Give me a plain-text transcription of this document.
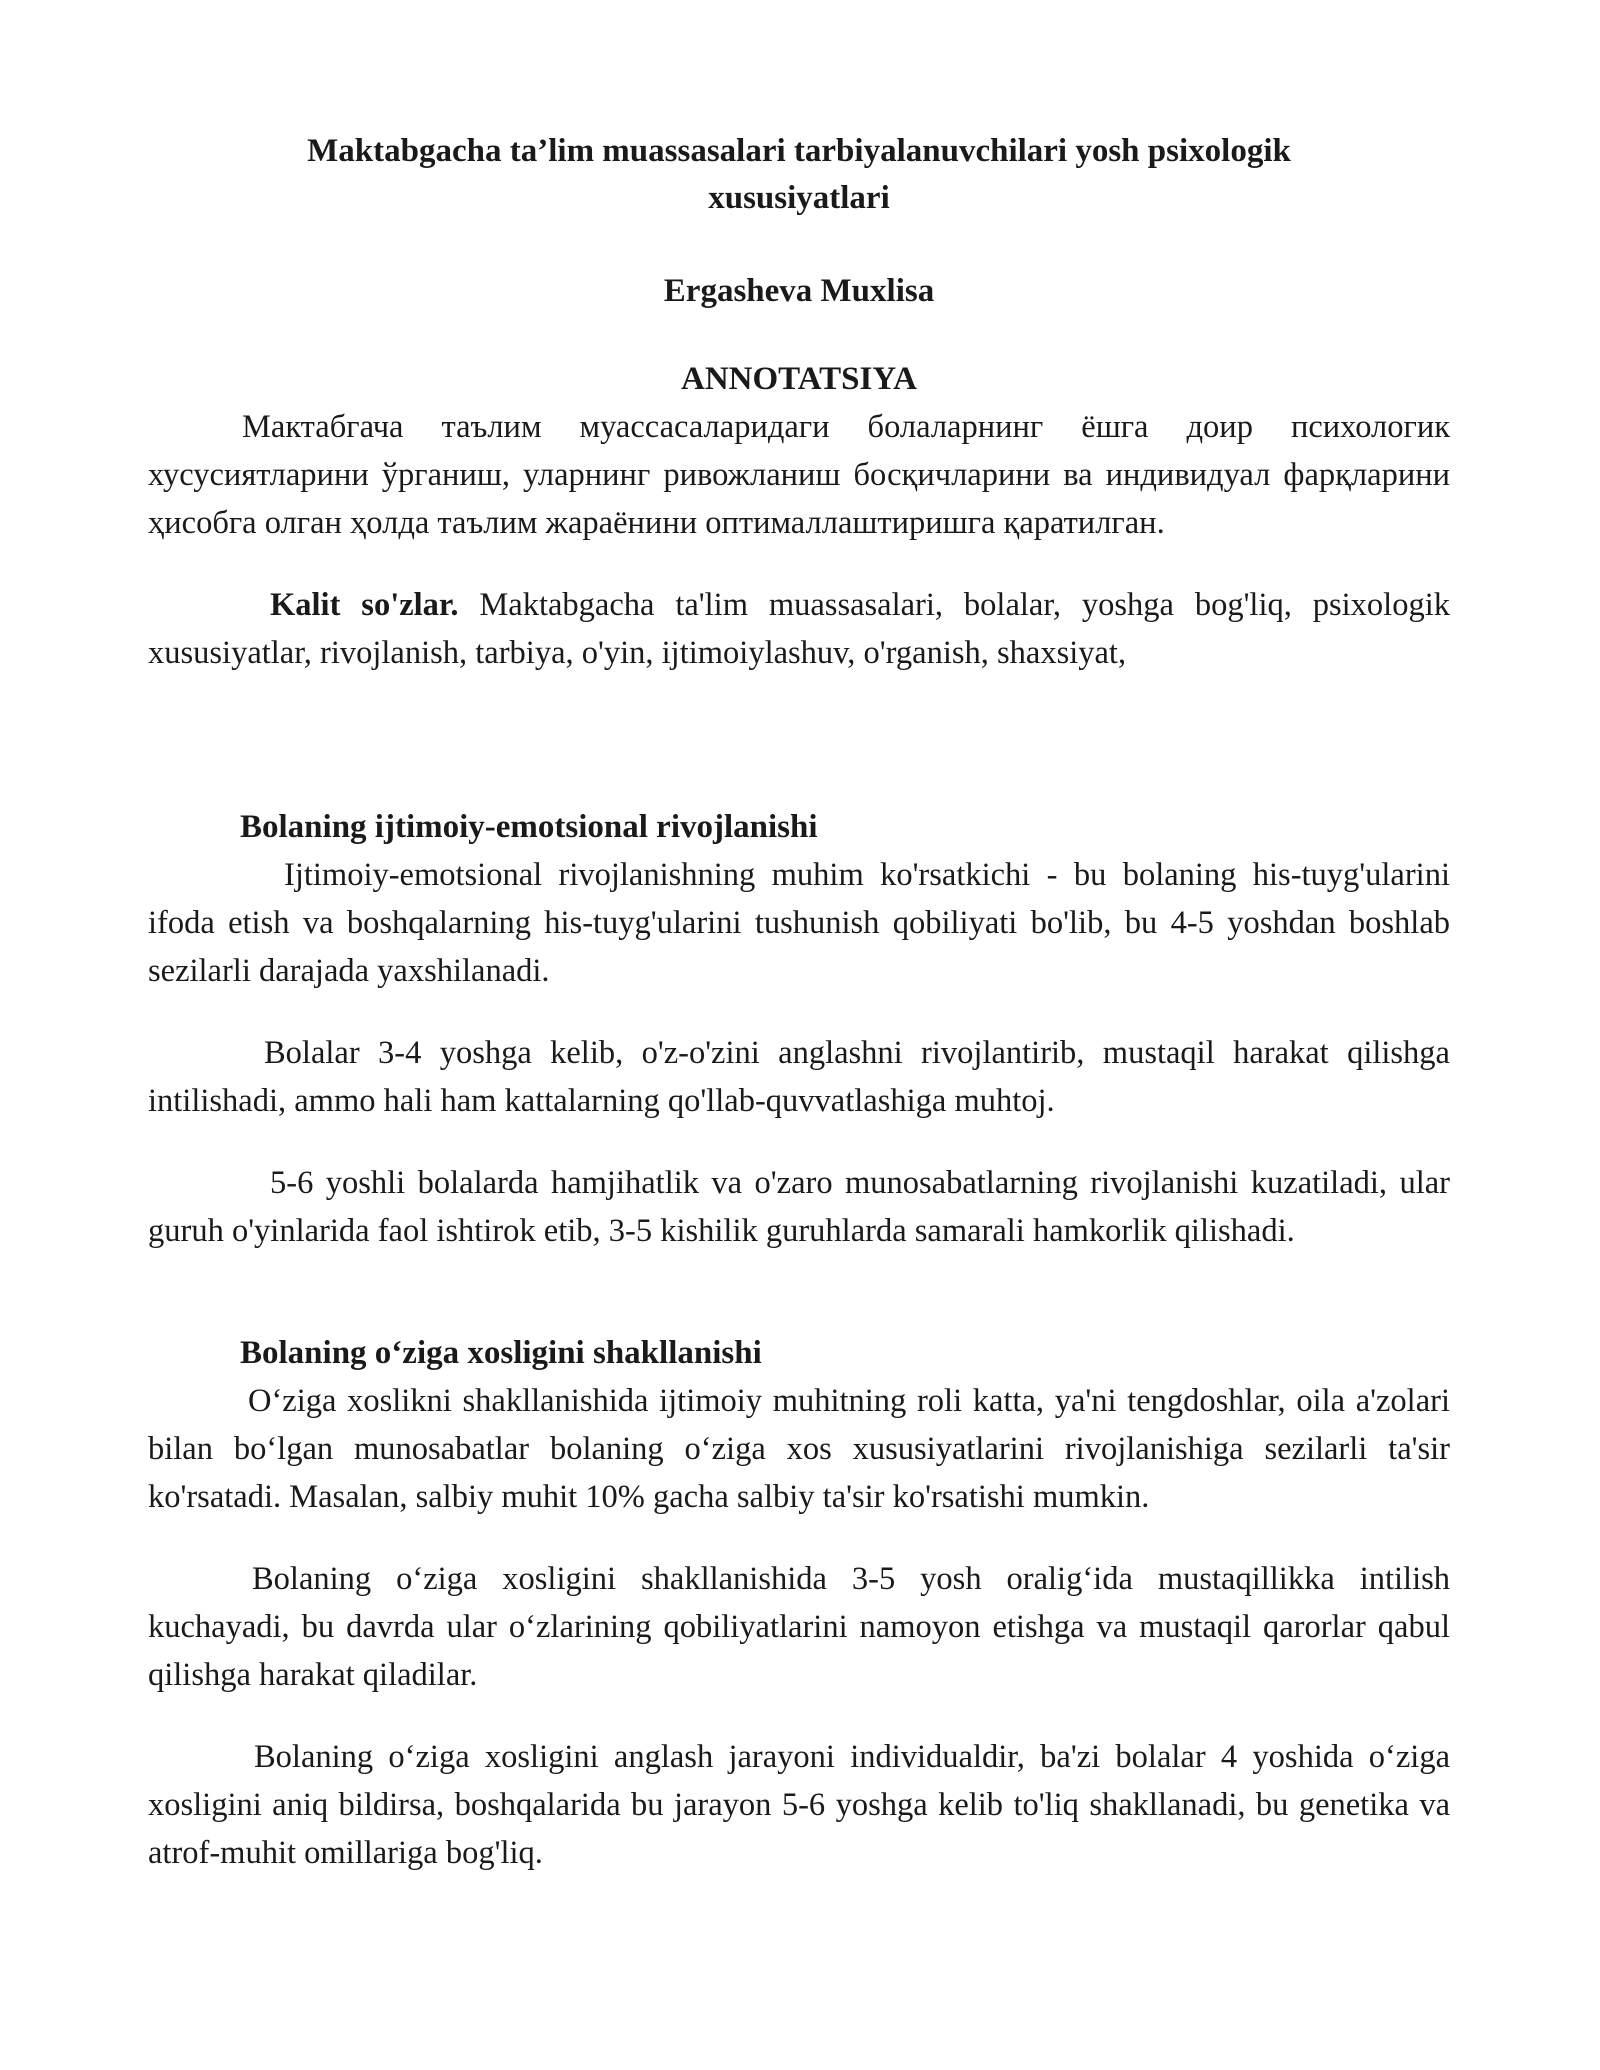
Maktabgacha ta’lim muassasalari tarbiyalanuvchilari yosh psixologik xususiyatlari
Ergasheva Muxlisa
ANNOTATSIYA

Мактабгача таълим муассасаларидаги болаларнинг ёшга доир психологик хусусиятларини ўрганиш, уларнинг ривожланиш босқичларини ва индивидуал фарқларини ҳисобга олган ҳолда таълим жараёнини оптималлаштиришга қаратилган.

Kalit so'zlar. Maktabgacha ta'lim muassasalari, bolalar, yoshga bog'liq, psixologik xususiyatlar, rivojlanish, tarbiya, o'yin, ijtimoiylashuv, o'rganish, shaxsiyat,

Bolaning ijtimoiy-emotsional rivojlanishi

Ijtimoiy-emotsional rivojlanishning muhim ko'rsatkichi - bu bolaning his-tuyg'ularini ifoda etish va boshqalarning his-tuyg'ularini tushunish qobiliyati bo'lib, bu 4-5 yoshdan boshlab sezilarli darajada yaxshilanadi.

Bolalar 3-4 yoshga kelib, o'z-o'zini anglashni rivojlantirib, mustaqil harakat qilishga intilishadi, ammo hali ham kattalarning qo'llab-quvvatlashiga muhtoj.

5-6 yoshli bolalarda hamjihatlik va o'zaro munosabatlarning rivojlanishi kuzatiladi, ular guruh o'yinlarida faol ishtirok etib, 3-5 kishilik guruhlarda samarali hamkorlik qilishadi.

Bolaning o‘ziga xosligini shakllanishi

O‘ziga xoslikni shakllanishida ijtimoiy muhitning roli katta, ya'ni tengdoshlar, oila a'zolari bilan bo‘lgan munosabatlar bolaning o‘ziga xos xususiyatlarini rivojlanishiga sezilarli ta'sir ko'rsatadi. Masalan, salbiy muhit 10% gacha salbiy ta'sir ko'rsatishi mumkin.

Bolaning o‘ziga xosligini shakllanishida 3-5 yosh oralig‘ida mustaqillikka intilish kuchayadi, bu davrda ular o‘zlarining qobiliyatlarini namoyon etishga va mustaqil qarorlar qabul qilishga harakat qiladilar.

Bolaning o‘ziga xosligini anglash jarayoni individualdir, ba'zi bolalar 4 yoshida o‘ziga xosligini aniq bildirsa, boshqalarida bu jarayon 5-6 yoshga kelib to'liq shakllanadi, bu genetika va atrof-muhit omillariga bog'liq.
